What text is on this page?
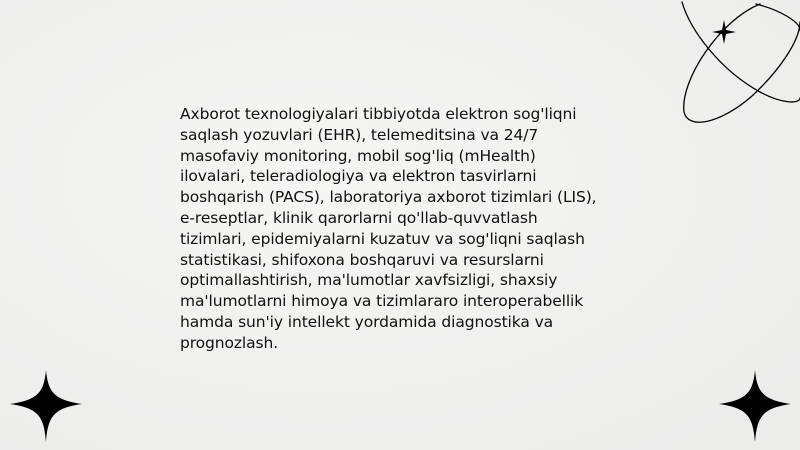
Axborot texnologiyalari tibbiyotda elektron sog'liqni
saqlash yozuvlari (EHR), telemeditsina va 24/7
masofaviy monitoring, mobil sog'liq (mHealth)
ilovalari, teleradiologiya va elektron tasvirlarni
boshqarish (PACS), laboratoriya axborot tizimlari (LIS),
e-reseptlar, klinik qarorlarni qo'llab-quvvatlash
tizimlari, epidemiyalarni kuzatuv va sog'liqni saqlash
statistikasi, shifoxona boshqaruvi va resurslarni
optimallashtirish, ma'lumotlar xavfsizligi, shaxsiy
ma'lumotlarni himoya va tizimlararo interoperabellik
hamda sun'iy intellekt yordamida diagnostika va
prognozlash.
